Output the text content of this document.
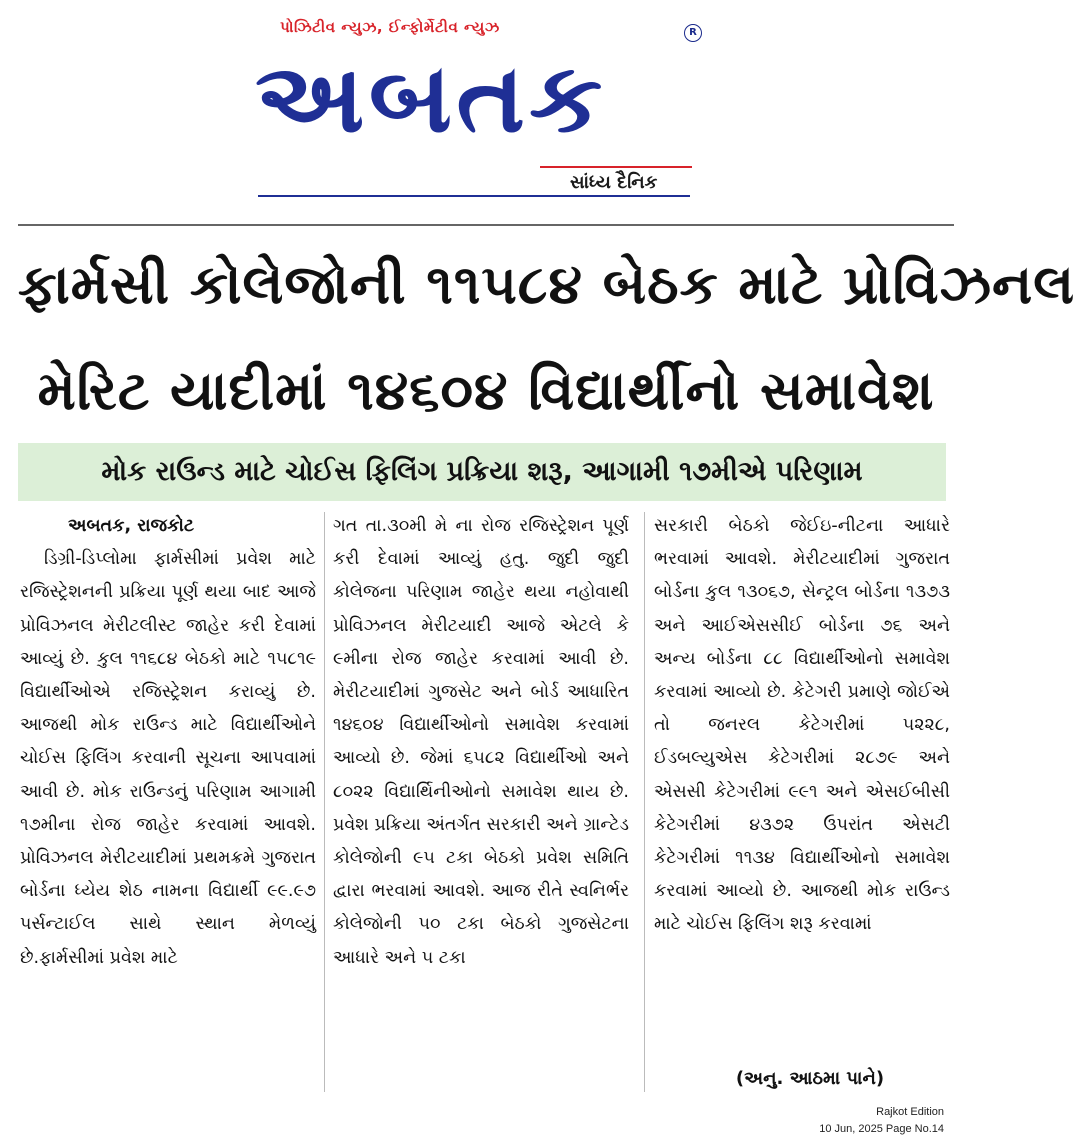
પોઝિટીવ ન્યુઝ, ઈન્ફોર્મેટીવ ન્યુઝ	R
અબતક
સાંધ્ય દૈનિક
ફાર્મસી કોલેજોની ૧૧૫૮૪ બેઠક માટે પ્રોવિઝનલ
મેરિટ યાદીમાં ૧૪૬૦૪ વિદ્યાર્થીનો સમાવેશ
મોક રાઉન્ડ માટે ચોઈસ ફિલિંગ પ્રક્રિયા શરૂ, આગામી ૧૭મીએ પરિણામ
અબતક, રાજકોટ
ડિગ્રી-ડિપ્લોમા ફાર્મસીમાં પ્રવેશ માટે રજિસ્ટ્રેશનની પ્રક્રિયા પૂર્ણ થયા બાદ આજે પ્રોવિઝનલ મેરીટલીસ્ટ જાહેર કરી દેવામાં આવ્યું છે. કુલ ૧૧૬૮૪ બેઠકો માટે ૧૫૮૧૯ વિદ્યાર્થીઓએ રજિસ્ટ્રેશન કરાવ્યું છે. આજથી મોક રાઉન્ડ માટે વિદ્યાર્થીઓને ચોઈસ ફિલિંગ કરવાની સૂચના આપવામાં આવી છે. મોક રાઉન્ડનું પરિણામ આગામી ૧૭મીના રોજ જાહેર કરવામાં આવશે. પ્રોવિઝનલ મેરીટયાદીમાં પ્રથમક્રમે ગુજરાત બોર્ડના ધ્યેય શેઠ નામના વિદ્યાર્થી ૯૯.૯૭ પર્સન્ટાઈલ સાથે સ્થાન મેળવ્યું છે.ફાર્મસીમાં પ્રવેશ માટે
ગત તા.૩૦મી મે ના રોજ રજિસ્ટ્રેશન પૂર્ણ કરી દેવામાં આવ્યું હતુ. જુદી જુદી કોલેજના પરિણામ જાહેર થયા નહોવાથી પ્રોવિઝનલ મેરીટયાદી આજે એટલે કે ૯મીના રોજ જાહેર કરવામાં આવી છે. મેરીટયાદીમાં ગુજસેટ અને બોર્ડ આધારિત ૧૪૬૦૪ વિદ્યાર્થીઓનો સમાવેશ કરવામાં આવ્યો છે. જેમાં ૬૫૮૨ વિદ્યાર્થીઓ અને ૮૦૨૨ વિદ્યાર્થિનીઓનો સમાવેશ થાય છે. પ્રવેશ પ્રક્રિયા અંતર્ગત સરકારી અને ગ્રાન્ટેડ કોલેજોની ૯૫ ટકા બેઠકો પ્રવેશ સમિતિ દ્વારા ભરવામાં આવશે. આજ રીતે સ્વનિર્ભર કોલેજોની ૫૦ ટકા બેઠકો ગુજસેટના આધારે અને ૫ ટકા
સરકારી બેઠકો જેઈઇ-નીટના આધારે ભરવામાં આવશે. મેરીટયાદીમાં ગુજરાત બોર્ડના કુલ ૧૩૦૬૭, સેન્ટ્રલ બોર્ડના ૧૩૭૩ અને આઈએસસીઈ બોર્ડના ૭૬ અને અન્ય બોર્ડના ૮૮ વિદ્યાર્થીઓનો સમાવેશ કરવામાં આવ્યો છે. કેટેગરી પ્રમાણે જોઈએ તો જનરલ કેટેગરીમાં ૫૨૨૮, ઈડબલ્યુએસ કેટેગરીમાં ૨૮૭૯ અને એસસી કેટેગરીમાં ૯૯૧ અને એસઈબીસી કેટેગરીમાં ૪૩૭૨ ઉપરાંત એસટી કેટેગરીમાં ૧૧૩૪ વિદ્યાર્થીઓનો સમાવેશ કરવામાં આવ્યો છે. આજથી મોક રાઉન્ડ માટે ચોઈસ ફિલિંગ શરૂ કરવામાં
(અનુ. આઠમા પાને)
Rajkot Edition
10 Jun, 2025 Page No.14
